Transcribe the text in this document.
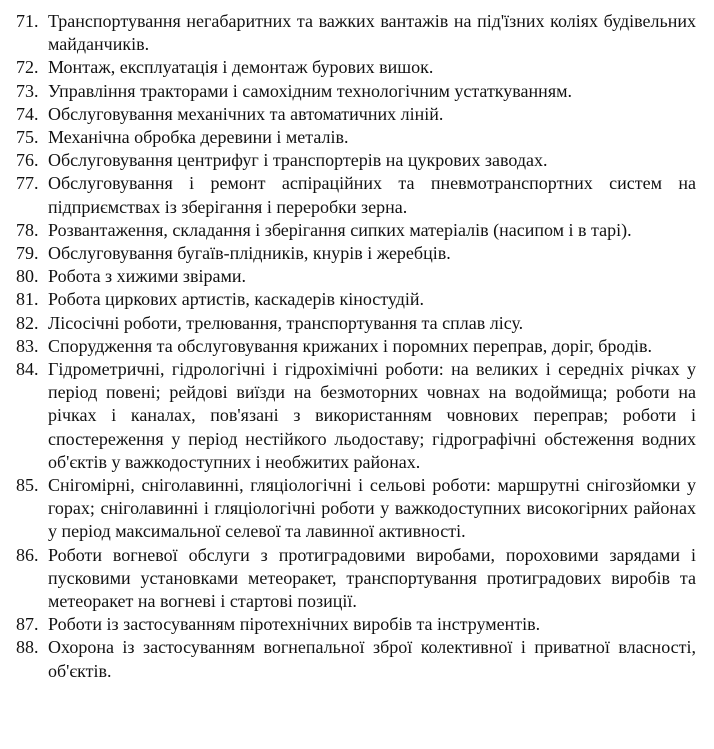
71. Транспортування негабаритних та важких вантажів на під'їзних коліях будівельних майданчиків.
72. Монтаж, експлуатація і демонтаж бурових вишок.
73. Управління тракторами і самохідним технологічним устаткуванням.
74. Обслуговування механічних та автоматичних ліній.
75. Механічна обробка деревини і металів.
76. Обслуговування центрифуг і транспортерів на цукрових заводах.
77. Обслуговування і ремонт аспіраційних та пневмотранспортних систем на підприємствах із зберігання і переробки зерна.
78. Розвантаження, складання і зберігання сипких матеріалів (насипом і в тарі).
79. Обслуговування бугаїв-плідників, кнурів і жеребців.
80. Робота з хижими звірами.
81. Робота циркових артистів, каскадерів кіностудій.
82. Лісосічні роботи, трелювання, транспортування та сплав лісу.
83. Спорудження та обслуговування крижаних і поромних переправ, доріг, бродів.
84. Гідрометричні, гідрологічні і гідрохімічні роботи: на великих і середніх річках у період повені; рейдові виїзди на безмоторних човнах на водоймища; роботи на річках і каналах, пов'язані з використанням човнових переправ; роботи і спостереження у період нестійкого льодоставу; гідрографічні обстеження водних об'єктів у важкодоступних і необжитих районах.
85. Снігомірні, сніголавинні, гляціологічні і сельові роботи: маршрутні снігозйомки у горах; сніголавинні і гляціологічні роботи у важкодоступних високогірних районах у період максимальної селевої та лавинної активності.
86. Роботи вогневої обслуги з протиградовими виробами, пороховими зарядами і пусковими установками метеоракет, транспортування протиградових виробів та метеоракет на вогневі і стартові позиції.
87. Роботи із застосуванням піротехнічних виробів та інструментів.
88. Охорона із застосуванням вогнепальної зброї колективної і приватної власності, об'єктів.
